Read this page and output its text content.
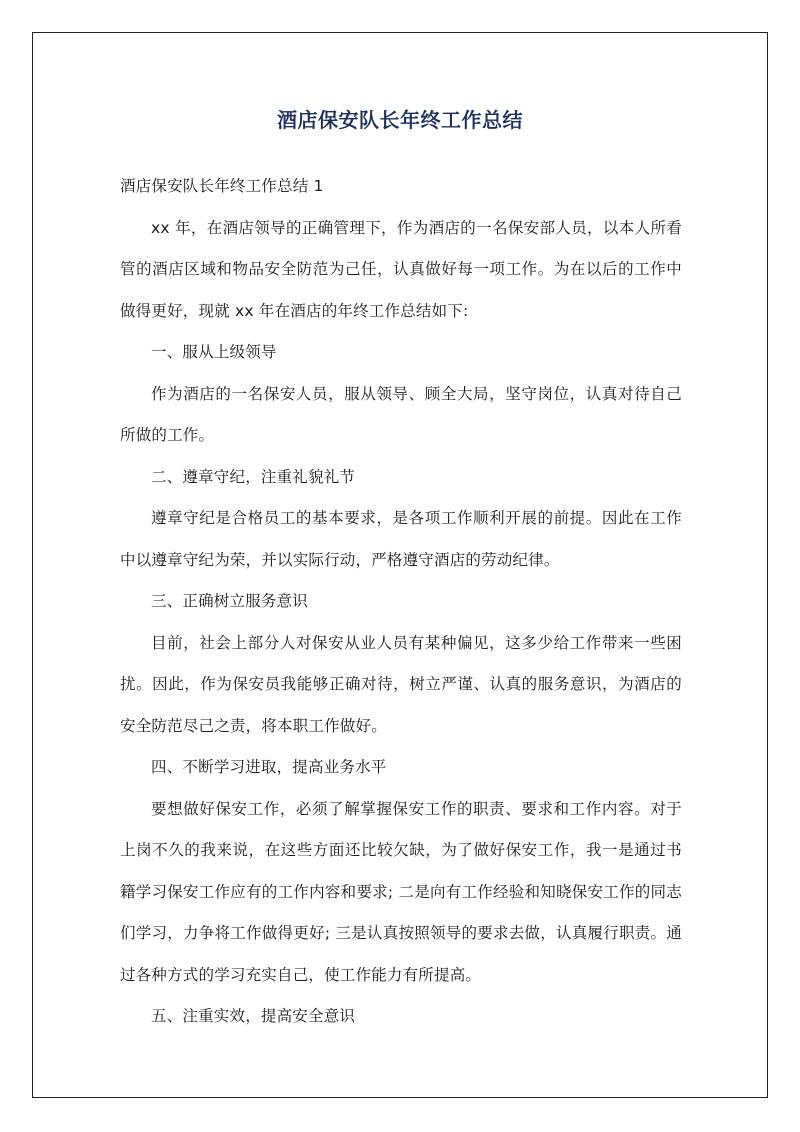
酒店保安队长年终工作总结

酒店保安队长年终工作总结 1

xx 年，在酒店领导的正确管理下，作为酒店的一名保安部人员，以本人所看管的酒店区域和物品安全防范为己任，认真做好每一项工作。为在以后的工作中做得更好，现就 xx 年在酒店的年终工作总结如下:

一、服从上级领导

作为酒店的一名保安人员，服从领导、顾全大局，坚守岗位，认真对待自己所做的工作。

二、遵章守纪，注重礼貌礼节

遵章守纪是合格员工的基本要求，是各项工作顺利开展的前提。因此在工作中以遵章守纪为荣，并以实际行动，严格遵守酒店的劳动纪律。

三、正确树立服务意识

目前，社会上部分人对保安从业人员有某种偏见，这多少给工作带来一些困扰。因此，作为保安员我能够正确对待，树立严谨、认真的服务意识，为酒店的安全防范尽己之责，将本职工作做好。

四、不断学习进取，提高业务水平

要想做好保安工作，必须了解掌握保安工作的职责、要求和工作内容。对于上岗不久的我来说，在这些方面还比较欠缺，为了做好保安工作，我一是通过书籍学习保安工作应有的工作内容和要求; 二是向有工作经验和知晓保安工作的同志们学习，力争将工作做得更好; 三是认真按照领导的要求去做，认真履行职责。通过各种方式的学习充实自己，使工作能力有所提高。

五、注重实效，提高安全意识
